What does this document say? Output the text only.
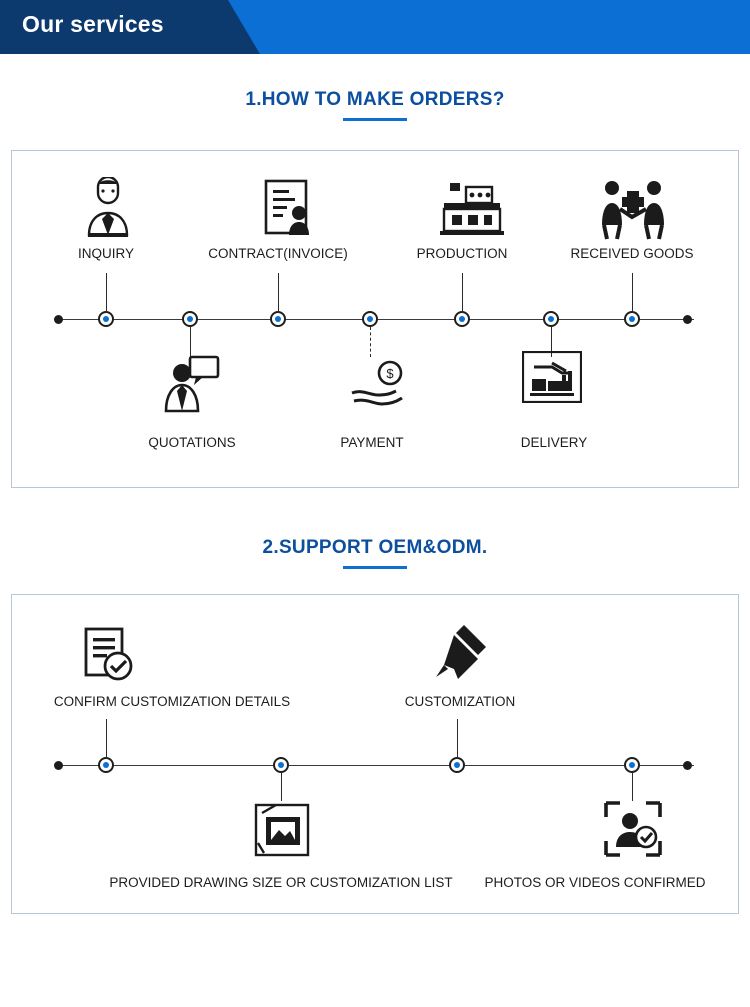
Our services
1.HOW TO MAKE ORDERS?
INQUIRY	CONTRACT(INVOICE)	PRODUCTION	RECEIVED GOODS
$
QUOTATIONS	PAYMENT	DELIVERY
2.SUPPORT OEM&ODM.
CONFIRM CUSTOMIZATION DETAILS	CUSTOMIZATION
PROVIDED DRAWING SIZE OR CUSTOMIZATION LIST	PHOTOS OR VIDEOS CONFIRMED
